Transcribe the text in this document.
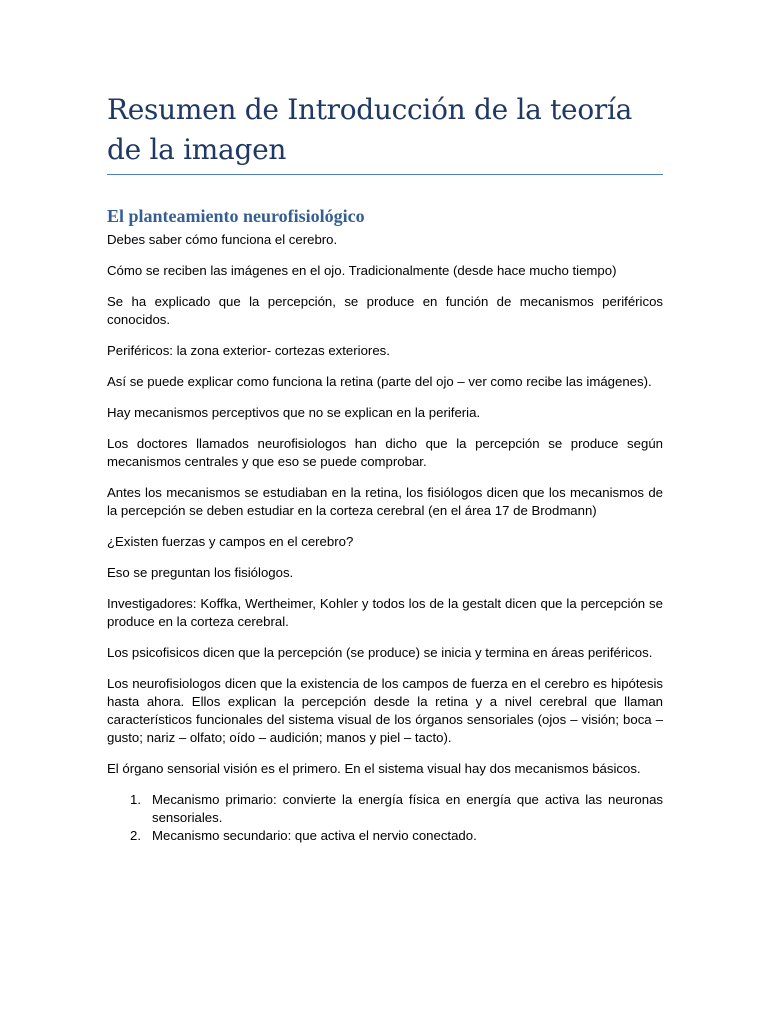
Resumen de Introducción de la teoría de la imagen
El planteamiento neurofisiológico

Debes saber cómo funciona el cerebro.

Cómo se reciben las imágenes en el ojo. Tradicionalmente (desde hace mucho tiempo)

Se ha explicado que la percepción, se produce en función de mecanismos periféricos conocidos.

Periféricos: la zona exterior- cortezas exteriores.

Así se puede explicar como funciona la retina (parte del ojo – ver como recibe las imágenes).

Hay mecanismos perceptivos que no se explican en la periferia.

Los doctores llamados neurofisiologos han dicho que la percepción se produce según mecanismos centrales y que eso se puede comprobar.

Antes los mecanismos se estudiaban en la retina, los fisiólogos dicen que los mecanismos de la percepción se deben estudiar en la corteza cerebral (en el área 17 de Brodmann)

¿Existen fuerzas y campos en el cerebro?

Eso se preguntan los fisiólogos.

Investigadores: Koffka, Wertheimer, Kohler y todos los de la gestalt dicen que la percepción se produce en la corteza cerebral.

Los psicofisicos dicen que la percepción (se produce) se inicia y termina en áreas periféricos.

Los neurofisiologos dicen que la existencia de los campos de fuerza en el cerebro es hipótesis hasta ahora. Ellos explican la percepción desde la retina y a nivel cerebral que llaman característicos funcionales del sistema visual de los órganos sensoriales (ojos – visión; boca – gusto; nariz – olfato; oído – audición; manos y piel – tacto).

El órgano sensorial visión es el primero. En el sistema visual hay dos mecanismos básicos.

1. Mecanismo primario: convierte la energía física en energía que activa las neuronas sensoriales.
2. Mecanismo secundario: que activa el nervio conectado.
